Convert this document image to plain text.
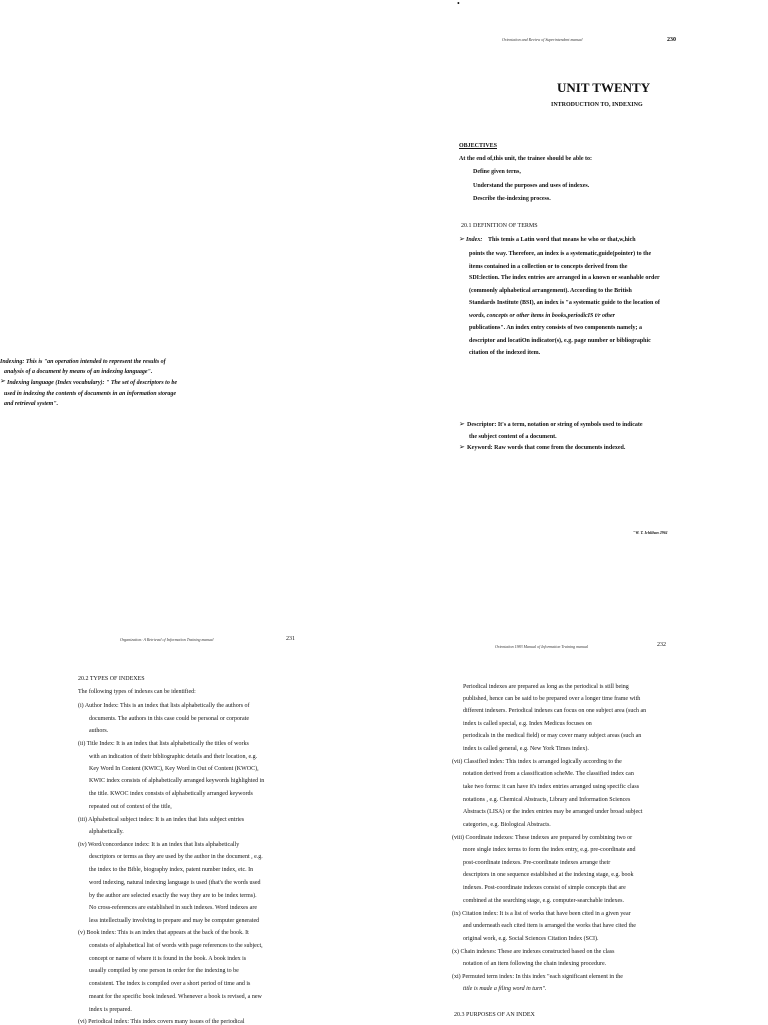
•
Orientation and Review of Superintendent manual	230
UNIT TWENTY
INTRODUCTION TO, INDEXING
OBJECTIVES
At the end of,this unit, the trainee should be able to:
Define given terns,
Understand the purposes and uses of indexes.
Describe the-indexing process.
20.1 DEFINITION OF TERMS
➢ Index: This temis a Latin word that means he who or that,w,hich
points the way. Therefore, an index is a systematic,guide(pointer) to the
items contained in a collection or to concepts derived from the
SDI:lection. The index entries are arranged in a known or seanhable order
(commonly alphabetical arrangement). According to the British
Standards Institute (BSI), an index is "a systematic guide to the location of
words, concepts or other items in books,periodicIS t/r other
publications". An index entry consists of two components namely; a
descriptor and locatiOn indicator(s), e.g. page number or bibliographic
citation of the indexed item.
Indexing: This is "an operation intended to represent the results of
analysis of a document by means of an indexing language".
➢ Indexing language (Index vocabulary): " The set of descriptors to be
used in indexing the contents of documents in an information storage
and retrieval system".
➢ Descriptor: It's a term, notation or string of symbols used to indicate
the subject content of a document.
➢ Keyword: Raw words that come from the documents indexed.
"W. T. Ichlihan 2961
Organization: A Retrieval of Information Training manual	231
20.2 TYPES OF INDEXES
The following types of indexes can be identified:
(i) Author Index: This is an index that lists alphabetically the authors of
documents. The authors in this case could be personal or corporate
authors.
(ii) Title Index: It is an index that lists alphabetically the titles of works
with an indication of their bibliographic details and their location, e.g.
Key Word In Content (KWIC), Key Word in Out of Content (KWOC),
KWIC index consists of alphabetically arranged keywords highlighted in
the title. KWOC index consists of alphabetically arranged keywords
repeated out of context of the title,
(iii) Alphabetical subject index: It is an index that lists subject entries
alphabetically.
(iv) Word/concordance index: It is an index that lists alphabetically
descriptors or terms as they are used by the author in the document , e.g.
the index to the Bible, biography index, patent number index, etc. In
word indexing, natural indexing language is used (that's the words used
by the author are selected exactly the way they are to be index terms).
No cross-references are established in such indexes. Word indexes are
less intellectually involving to prepare and may be computer generated
(v) Book index: This is an index that appears at the back of the book. It
consists of alphabetical list of words with page references to the subject,
concept or name of where it is found in the book. A book index is
usually compiled by one person in order for the indexing to be
consistent. The index is compiled over a short period of time and is
meant for the specific book indexed. Whenever a book is revised, a new
index is prepared.
(vi) Periodical index: This index covers many issues of the periodical
Orientation 1983 Manual of Information Training manual	232
Periodical indexes are prepared as long as the periodical is still being
published, hence can be said to be prepared over a longer time frame with
different indexers. Periodical indexes can focus on one subject area (such an
index is called special, e.g. Index Medicus focuses on
periodicals in the medical field) or may cover many subject areas (such an
index is called general, e.g. New York Times index).
(vii) Classified index: This index is arranged logically according to the
notation derived from a classification scheMe. The classified index can
take two forms: it can have it's index entries arranged using specific class
notations , e.g. Chemical Abstracts, Library and Information Sciences
Abstracts (LISA) or the index entries may be arranged under broad subject
categories, e.g. Biological Abstracts.
(viii) Coordinate indexes: These indexes are prepared by combining two or
more single index terms to form the index entry, e.g. pre-coordinate and
post-coordinate indexes. Pre-coordinate indexes arrange their
descriptors in one sequence established at the indexing stage, e.g. book
indexes. Post-coordinate indexes consist of simple concepts that are
combined at the searching stage, e.g. computer-searchable indexes.
(ix) Citation index: It is a list of works that have been cited in a given year
and underneath each cited item is arranged the works that have cited the
original work, e.g. Social Sciences Citation Index (SCI).
(x) Chain indexes: These are indexes constructed based on the class
notation of an item following the chain indexing procedure.
(xi) Permuted term index: In this index "each significant element in the
title is made a filing word in turn".
20.3 PURPOSES OF AN INDEX
